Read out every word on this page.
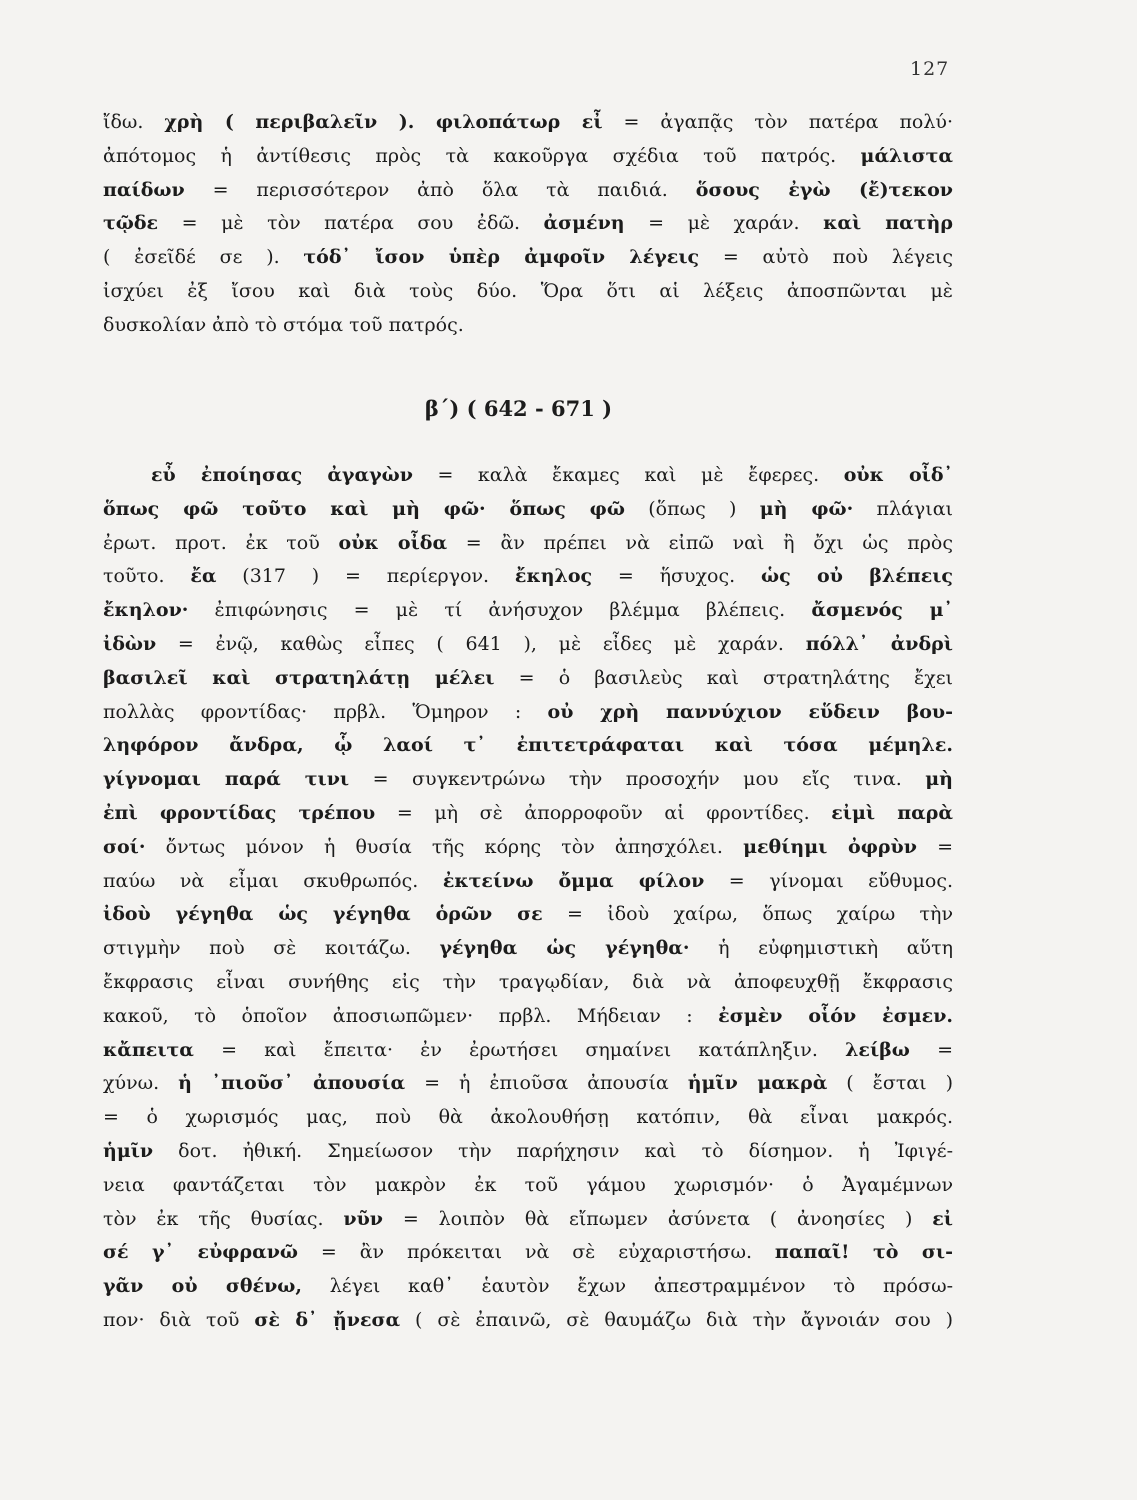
127
ἴδω. χρὴ ( περιβαλεῖν ). φιλοπάτωρ εἶ = ἀγαπᾷς τὸν πατέρα πολύ·
ἀπότομος ἡ ἀντίθεσις πρὸς τὰ κακοῦργα σχέδια τοῦ πατρός. μάλιστα
παίδων = περισσότερον ἀπὸ ὅλα τὰ παιδιά. ὅσους ἐγὼ (ἔ)τεκον
τῷδε = μὲ τὸν πατέρα σου ἐδῶ. ἀσμένη = μὲ χαράν. καὶ πατὴρ
( ἐσεῖδέ σε ). τόδ᾽ ἴσον ὑπὲρ ἀμφοῖν λέγεις = αὐτὸ ποὺ λέγεις
ἰσχύει ἐξ ἴσου καὶ διὰ τοὺς δύο. Ὅρα ὅτι αἱ λέξεις ἀποσπῶνται μὲ
δυσκολίαν ἀπὸ τὸ στόμα τοῦ πατρός.
β΄) ( 642 - 671 )
εὖ ἐποίησας ἀγαγὼν = καλὰ ἔκαμες καὶ μὲ ἔφερες. οὐκ οἶδ᾽
ὅπως φῶ τοῦτο καὶ μὴ φῶ· ὅπως φῶ (ὅπως ) μὴ φῶ· πλάγιαι
ἐρωτ. προτ. ἐκ τοῦ οὐκ οἶδα = ἂν πρέπει νὰ εἰπῶ ναὶ ἢ ὄχι ὡς πρὸς
τοῦτο. ἔα (317 ) = περίεργον. ἔκηλος = ἥσυχος. ὡς οὐ βλέπεις
ἔκηλον· ἐπιφώνησις = μὲ τί ἀνήσυχον βλέμμα βλέπεις. ἄσμενός μ᾽
ἰδὼν = ἐνῷ, καθὼς εἶπες ( 641 ), μὲ εἶδες μὲ χαράν. πόλλ᾽ ἀνδρὶ
βασιλεῖ καὶ στρατηλάτῃ μέλει = ὁ βασιλεὺς καὶ στρατηλάτης ἔχει
πολλὰς φροντίδας· πρβλ. Ὅμηρον : οὐ χρὴ παννύχιον εὕδειν βου-
ληφόρον ἄνδρα, ᾧ λαοί τ᾽ ἐπιτετράφαται καὶ τόσα μέμηλε.
γίγνομαι παρά τινι = συγκεντρώνω τὴν προσοχήν μου εἴς τινα. μὴ
ἐπὶ φροντίδας τρέπου = μὴ σὲ ἀπορροφοῦν αἱ φροντίδες. εἰμὶ παρὰ
σοί· ὄντως μόνον ἡ θυσία τῆς κόρης τὸν ἀπησχόλει. μεθίημι ὀφρὺν =
παύω νὰ εἶμαι σκυθρωπός. ἐκτείνω ὄμμα φίλον = γίνομαι εὔθυμος.
ἰδοὺ γέγηθα ὡς γέγηθα ὁρῶν σε = ἰδοὺ χαίρω, ὅπως χαίρω τὴν
στιγμὴν ποὺ σὲ κοιτάζω. γέγηθα ὡς γέγηθα· ἡ εὐφημιστικὴ αὕτη
ἔκφρασις εἶναι συνήθης εἰς τὴν τραγῳδίαν, διὰ νὰ ἀποφευχθῇ ἔκφρασις
κακοῦ, τὸ ὁποῖον ἀποσιωπῶμεν· πρβλ. Μήδειαν : ἐσμὲν οἷόν ἐσμεν.
κἄπειτα = καὶ ἔπειτα· ἐν ἐρωτήσει σημαίνει κατάπληξιν. λείβω =
χύνω. ἡ ᾽πιοῦσ᾽ ἀπουσία = ἡ ἐπιοῦσα ἀπουσία ἡμῖν μακρὰ ( ἔσται )
= ὁ χωρισμός μας, ποὺ θὰ ἀκολουθήσῃ κατόπιν, θὰ εἶναι μακρός.
ἡμῖν δοτ. ἠθική. Σημείωσον τὴν παρήχησιν καὶ τὸ δίσημον. ἡ Ἰφιγέ-
νεια φαντάζεται τὸν μακρὸν ἐκ τοῦ γάμου χωρισμόν· ὁ Ἀγαμέμνων
τὸν ἐκ τῆς θυσίας. νῦν = λοιπὸν θὰ εἴπωμεν ἀσύνετα ( ἀνοησίες ) εἰ
σέ γ᾽ εὐφρανῶ = ἂν πρόκειται νὰ σὲ εὐχαριστήσω. παπαῖ! τὸ σι-
γᾶν οὐ σθένω, λέγει καθ᾽ ἑαυτὸν ἔχων ἀπεστραμμένον τὸ πρόσω-
πον· διὰ τοῦ σὲ δ᾽ ᾔνεσα ( σὲ ἐπαινῶ, σὲ θαυμάζω διὰ τὴν ἄγνοιάν σου )
